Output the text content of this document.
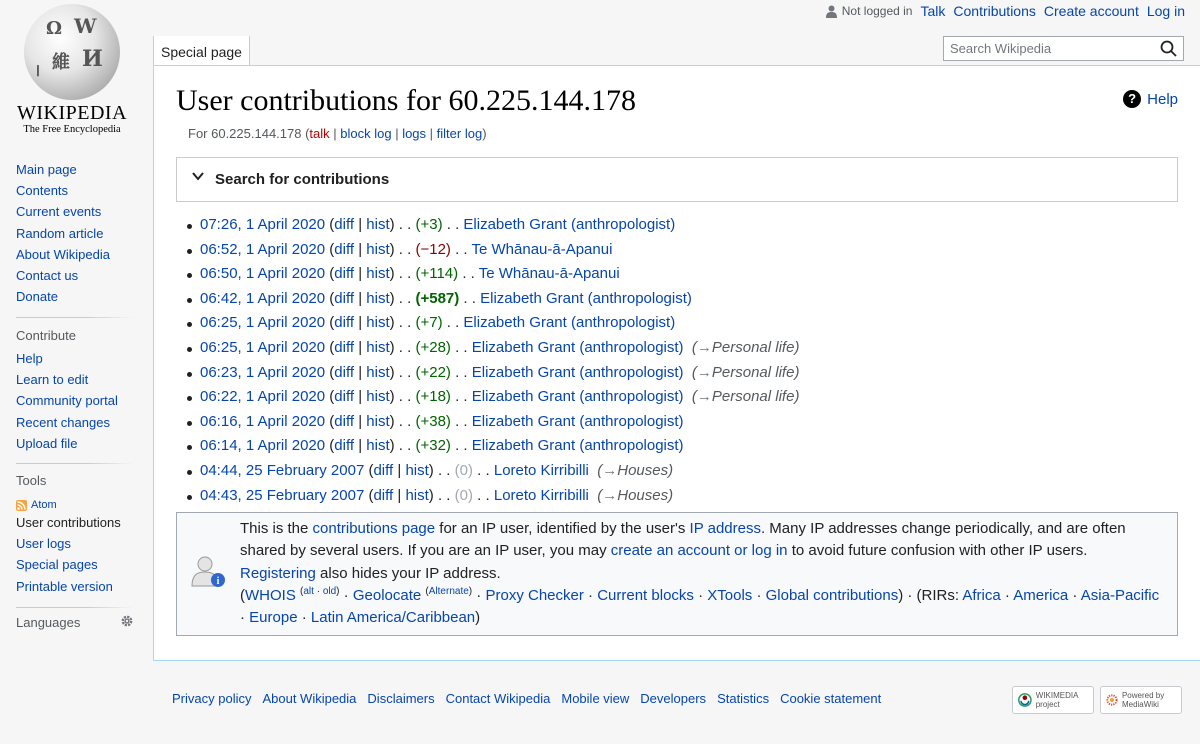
Ω W
維 И
ا
WIKIPEDIA
The Free Encyclopedia
Not logged in Talk Contributions Create account Log in
Special page
Search Wikipedia
User contributions for 60.225.144.178	? Help
For 60.225.144.178 (talk | block log | logs | filter log)
Search for contributions
07:26, 1 April 2020 (diff | hist) . . (+3) . . Elizabeth Grant (anthropologist)
06:52, 1 April 2020 (diff | hist) . . (−12) . . Te Whānau-ā-Apanui
06:50, 1 April 2020 (diff | hist) . . (+114) . . Te Whānau-ā-Apanui
06:42, 1 April 2020 (diff | hist) . . (+587) . . Elizabeth Grant (anthropologist)
06:25, 1 April 2020 (diff | hist) . . (+7) . . Elizabeth Grant (anthropologist)
06:25, 1 April 2020 (diff | hist) . . (+28) . . Elizabeth Grant (anthropologist) (→Personal life)
06:23, 1 April 2020 (diff | hist) . . (+22) . . Elizabeth Grant (anthropologist) (→Personal life)
06:22, 1 April 2020 (diff | hist) . . (+18) . . Elizabeth Grant (anthropologist) (→Personal life)
06:16, 1 April 2020 (diff | hist) . . (+38) . . Elizabeth Grant (anthropologist)
06:14, 1 April 2020 (diff | hist) . . (+32) . . Elizabeth Grant (anthropologist)
04:44, 25 February 2007 (diff | hist) . . (0) . . Loreto Kirribilli (→Houses)
04:43, 25 February 2007 (diff | hist) . . (0) . . Loreto Kirribilli (→Houses)
i
This is the contributions page for an IP user, identified by the user's IP address. Many IP addresses change periodically, and are often shared by several users. If you are an IP user, you may create an account or log in to avoid future confusion with other IP users. Registering also hides your IP address.
(WHOIS $^{(alt \cdot old)}$ · Geolocate $^{(Alternate)}$ · Proxy Checker · Current blocks · XTools · Global contributions) · (RIRs: Africa · America · Asia-Pacific · Europe · Latin America/Caribbean)
Main page
Contents
Current events
Random article
About Wikipedia
Contact us
Donate
Contribute
Help
Learn to edit
Community portal
Recent changes
Upload file
Tools
Atom
User contributions
User logs
Special pages
Printable version
Languages
Privacy policy About Wikipedia Disclaimers Contact Wikipedia Mobile view Developers Statistics Cookie statement	WIKIMEDIA project
Powered by MediaWiki
